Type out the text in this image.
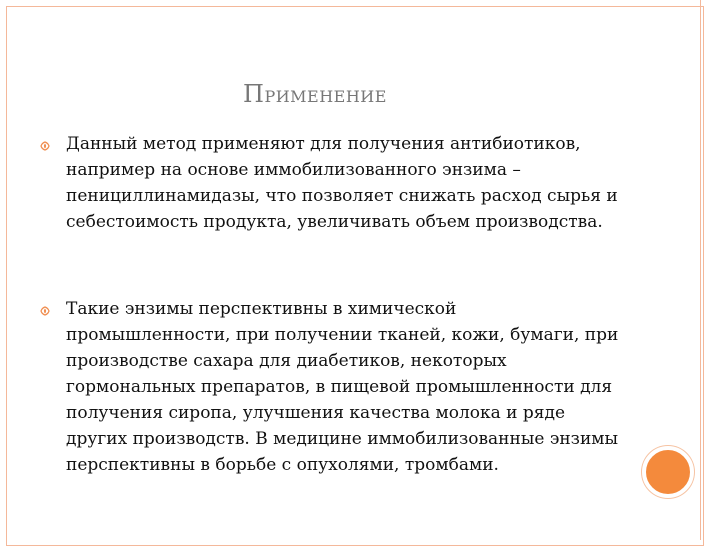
ПРИМЕНЕНИЕ
Данный метод применяют для получения антибиотиков, например на основе иммобилизованного энзима – пенициллинамидазы, что позволяет снижать расход сырья и себестоимость продукта, увеличивать объем производства.
Такие энзимы перспективны в химической промышленности, при получении тканей, кожи, бумаги, при производстве сахара для диабетиков, некоторых гормональных препаратов, в пищевой промышленности для получения сиропа, улучшения качества молока и ряде других производств. В медицине иммобилизованные энзимы перспективны в борьбе с опухолями, тромбами.
